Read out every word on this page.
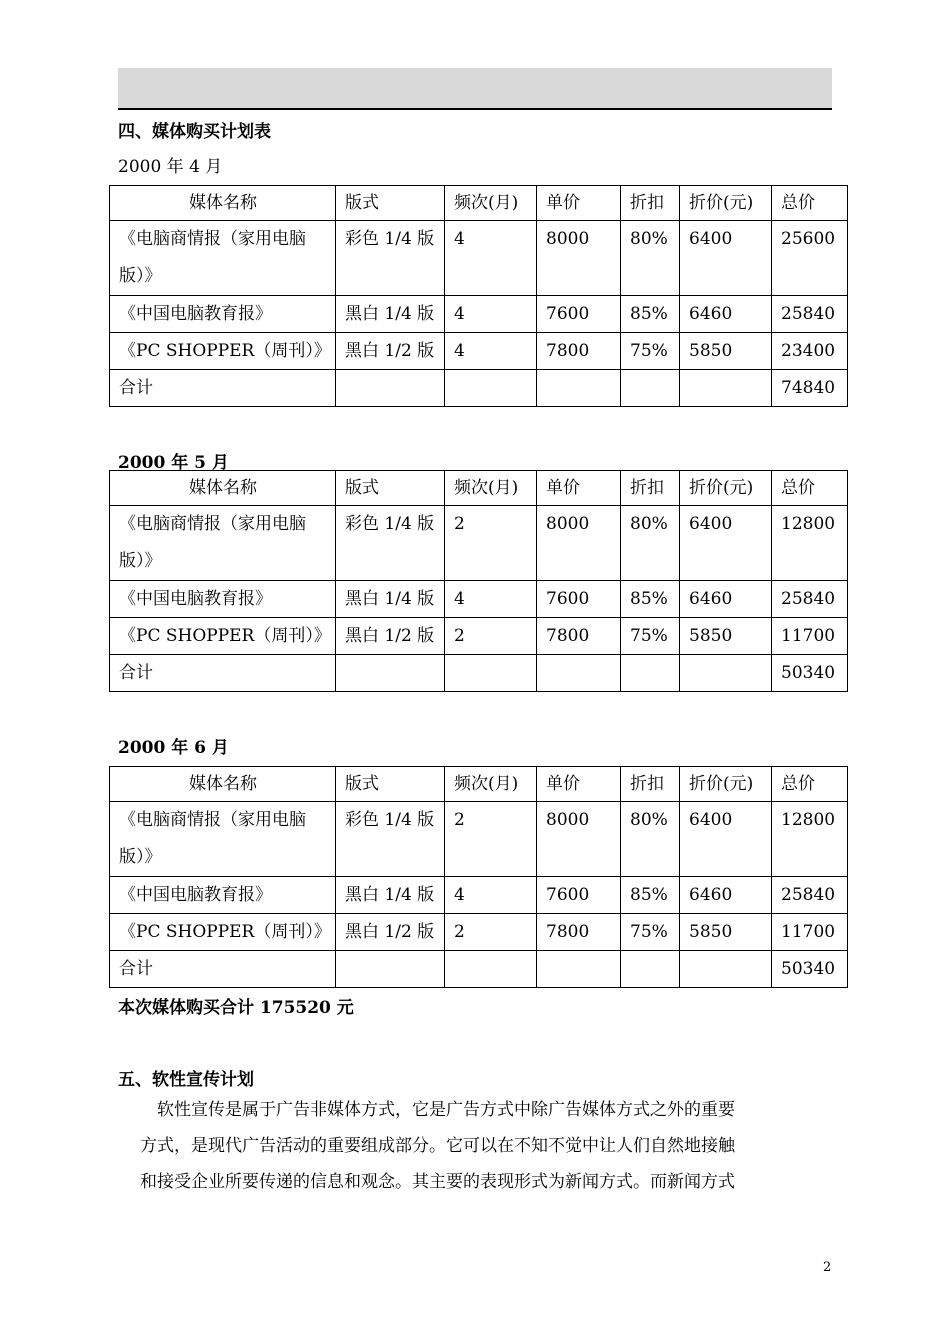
四、媒体购买计划表
2000 年 4 月
媒体名称	版式	频次(月)	单价	折扣	折价(元)	总价
《电脑商情报（家用电脑版）》	彩色 1/4 版	4	8000	80%	6400	25600
《中国电脑教育报》	黑白 1/4 版	4	7600	85%	6460	25840
《PC SHOPPER（周刊）》	黑白 1/2 版	4	7800	75%	5850	23400
合计						74840
2000 年 5 月
媒体名称	版式	频次(月)	单价	折扣	折价(元)	总价
《电脑商情报（家用电脑版）》	彩色 1/4 版	2	8000	80%	6400	12800
《中国电脑教育报》	黑白 1/4 版	4	7600	85%	6460	25840
《PC SHOPPER（周刊）》	黑白 1/2 版	2	7800	75%	5850	11700
合计						50340
2000 年 6 月
媒体名称	版式	频次(月)	单价	折扣	折价(元)	总价
《电脑商情报（家用电脑版）》	彩色 1/4 版	2	8000	80%	6400	12800
《中国电脑教育报》	黑白 1/4 版	4	7600	85%	6460	25840
《PC SHOPPER（周刊）》	黑白 1/2 版	2	7800	75%	5850	11700
合计						50340
本次媒体购买合计 175520 元
五、软性宣传计划
软性宣传是属于广告非媒体方式，它是广告方式中除广告媒体方式之外的重要
方式，是现代广告活动的重要组成部分。它可以在不知不觉中让人们自然地接触
和接受企业所要传递的信息和观念。其主要的表现形式为新闻方式。而新闻方式
2
